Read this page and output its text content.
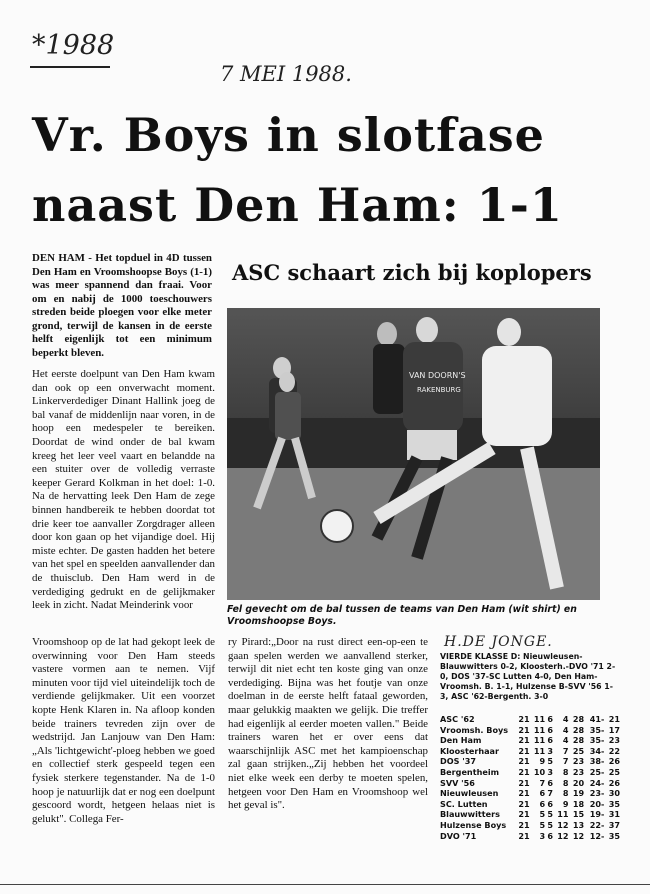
*1988
7 MEI 1988.
Vr. Boys in slotfase
naast Den Ham: 1-1
DEN HAM - Het topduel in 4D tussen Den Ham en Vroomshoopse Boys (1-1) was meer spannend dan fraai. Voor om en nabij de 1000 toeschouwers streden beide ploegen voor elke meter grond, terwijl de kansen in de eerste helft eigenlijk tot een minimum beperkt bleven.

Het eerste doelpunt van Den Ham kwam dan ook op een onverwacht moment. Linkerverdediger Dinant Hallink joeg de bal vanaf de middenlijn naar voren, in de hoop een medespeler te bereiken. Doordat de wind onder de bal kwam kreeg het leer veel vaart en belandde na een stuiter over de volledig verraste keeper Gerard Kolkman in het doel: 1-0. Na de hervatting leek Den Ham de zege binnen handbereik te hebben doordat tot drie keer toe aanvaller Zorgdrager alleen door kon gaan op het vijandige doel. Hij miste echter. De gasten hadden het betere van het spel en speelden aanvallender dan de thuisclub. Den Ham werd in de verdediging gedrukt en de gelijkmaker leek in zicht. Nadat Meinderink voor

Vroomshoop op de lat had gekopt leek de overwinning voor Den Ham steeds vastere vormen aan te nemen. Vijf minuten voor tijd viel uiteindelijk toch de verdiende gelijkmaker. Uit een voorzet kopte Henk Klaren in. Na afloop konden beide trainers tevreden zijn over de wedstrijd. Jan Lanjouw van Den Ham:„Als 'lichtgewicht'-ploeg hebben we goed en collectief sterk gespeeld tegen een fysiek sterkere tegenstander. Na de 1-0 hoop je natuurlijk dat er nog een doelpunt gescoord wordt, hetgeen helaas niet is gelukt". Collega Fer-
ry Pirard:„Door na rust direct een-op-een te gaan spelen werden we aanvallend sterker, terwijl dit niet echt ten koste ging van onze verdediging. Bijna was het foutje van onze doelman in de eerste helft fataal geworden, maar gelukkig maakten we gelijk. Die treffer had eigenlijk al eerder moeten vallen." Beide trainers waren het er over eens dat waarschijnlijk ASC met het kampioenschap zal gaan strijken.„Zij hebben het voordeel niet elke week een derby te moeten spelen, hetgeen voor Den Ham en Vroomshoop wel het geval is".
ASC schaart zich bij koplopers
VAN DOORN'S
RAKENBURG
Fel gevecht om de bal tussen de teams van Den Ham (wit shirt) en Vroomshoopse Boys.
H.DE JONGE.
VIERDE KLASSE D: Nieuwleusen-Blauwwitters 0-2, Kloosterh.-DVO '71 2-0, DOS '37-SC Lutten 4-0, Den Ham-Vroomsh. B. 1-1, Hulzense B-SVV '56 1-3, ASC '62-Bergenth. 3-0
ASC '62	21	11	6	4	28	41-	21
Vroomsh. Boys	21	11	6	4	28	35-	17
Den Ham	21	11	6	4	28	35-	23
Kloosterhaar	21	11	3	7	25	34-	22
DOS '37	21	9	5	7	23	38-	26
Bergentheim	21	10	3	8	23	25-	25
SVV '56	21	7	6	8	20	24-	26
Nieuwleusen	21	6	7	8	19	23-	30
SC. Lutten	21	6	6	9	18	20-	35
Blauwwitters	21	5	5	11	15	19-	31
Hulzense Boys	21	5	5	12	13	22-	37
DVO '71	21	3	6	12	12	12-	35
